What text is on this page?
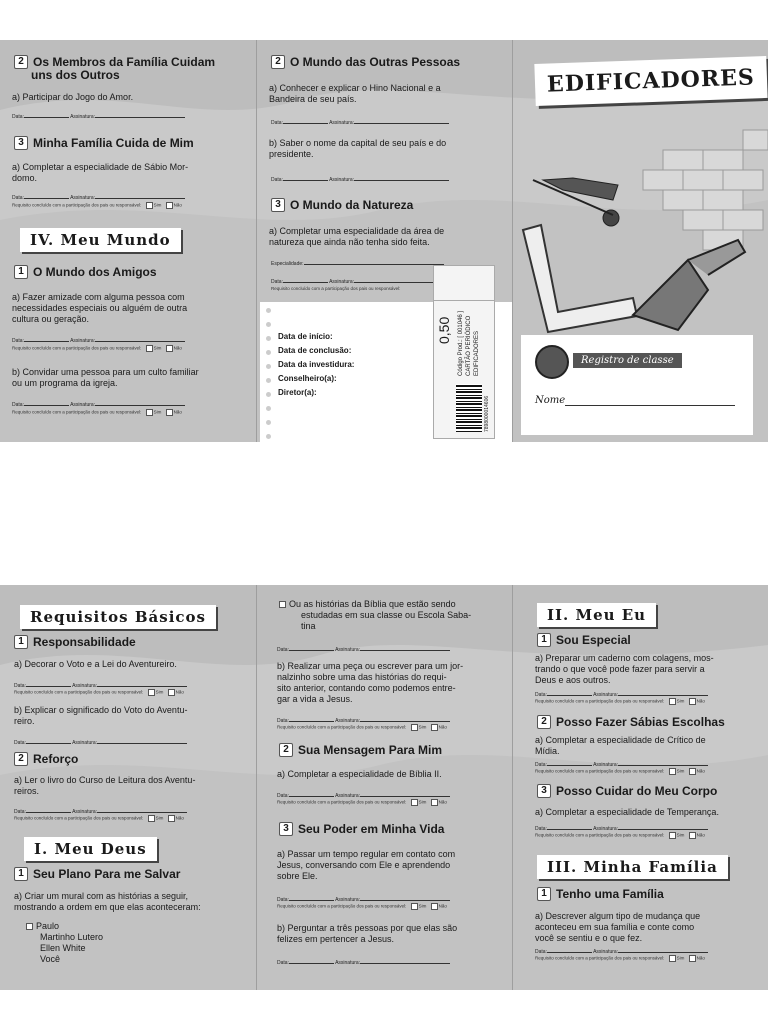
2 Os Membros da Família Cuidam
uns dos Outros
a) Participar do Jogo do Amor.
Data:	Assinatura:
3 Minha Família Cuida de Mim
a) Completar a especialidade de Sábio Mor-
domo.
Data:	Assinatura:
Requisito concluído com a participação dos pais ou responsável:	Sim	Não
IV. Meu Mundo
1 O Mundo dos Amigos
a) Fazer amizade com alguma pessoa com
necessidades especiais ou alguém de outra
cultura ou geração.
Data:	Assinatura:
Requisito concluído com a participação dos pais ou responsável:	Sim	Não
b) Convidar uma pessoa para um culto familiar
ou um programa da igreja.
Data:	Assinatura:
Requisito concluído com a participação dos pais ou responsável:	Sim	Não
2 O Mundo das Outras Pessoas
a) Conhecer e explicar o Hino Nacional e a
Bandeira de seu país.
Data:	Assinatura:
b) Saber o nome da capital de seu país e do
presidente.
Data:	Assinatura:
3 O Mundo da Natureza
a) Completar uma especialidade da área de
natureza que ainda não tenha sido feita.
Especialidade:
Data:	Assinatura:
Requisito concluído com a participação dos pais ou responsável:
Data de início:
Data de conclusão:
Data da investidura:
Conselheiro(a):
Diretor(a):
0,50 Código Prod.: [ 001046 ] CARTÃO PERIÓDICO EDIFICADORES
7898000014606
EDIFICADORES
Registro de classe
Nome
Requisitos Básicos
1 Responsabilidade
a) Decorar o Voto e a Lei do Aventureiro.
Data:	Assinatura:
Requisito concluído com a participação dos pais ou responsável:	Sim	Não
b) Explicar o significado do Voto do Aventu-
reiro.
Data:	Assinatura:
2 Reforço
a) Ler o livro do Curso de Leitura dos Aventu-
reiros.
Data:	Assinatura:
Requisito concluído com a participação dos pais ou responsável:	Sim	Não
I. Meu Deus
1 Seu Plano Para me Salvar
a) Criar um mural com as histórias a seguir,
mostrando a ordem em que elas aconteceram:
Paulo
Martinho Lutero
Ellen White
Você
Ou as histórias da Bíblia que estão sendo
estudadas em sua classe ou Escola Saba-
tina
Data:	Assinatura:
b) Realizar uma peça ou escrever para um jor-
nalzinho sobre uma das histórias do requi-
sito anterior, contando como podemos entre-
gar a vida a Jesus.
Data:	Assinatura:
Requisito concluído com a participação dos pais ou responsável:	Sim	Não
2 Sua Mensagem Para Mim
a) Completar a especialidade de Bíblia II.
Data:	Assinatura:
Requisito concluído com a participação dos pais ou responsável:	Sim	Não
3 Seu Poder em Minha Vida
a) Passar um tempo regular em contato com
Jesus, conversando com Ele e aprendendo
sobre Ele.
Data:	Assinatura:
Requisito concluído com a participação dos pais ou responsável:	Sim	Não
b) Perguntar a três pessoas por que elas são
felizes em pertencer a Jesus.
Data:	Assinatura:
II. Meu Eu
1 Sou Especial
a) Preparar um caderno com colagens, mos-
trando o que você pode fazer para servir a
Deus e aos outros.
Data:	Assinatura:
Requisito concluído com a participação dos pais ou responsável:	Sim	Não
2 Posso Fazer Sábias Escolhas
a) Completar a especialidade de Crítico de
Mídia.
Data:	Assinatura:
Requisito concluído com a participação dos pais ou responsável:	Sim	Não
3 Posso Cuidar do Meu Corpo
a) Completar a especialidade de Temperança.
Data:	Assinatura:
Requisito concluído com a participação dos pais ou responsável:	Sim	Não
III. Minha Família
1 Tenho uma Família
a) Descrever algum tipo de mudança que
aconteceu em sua família e conte como
você se sentiu e o que fez.
Data:	Assinatura:
Requisito concluído com a participação dos pais ou responsável:	Sim	Não
